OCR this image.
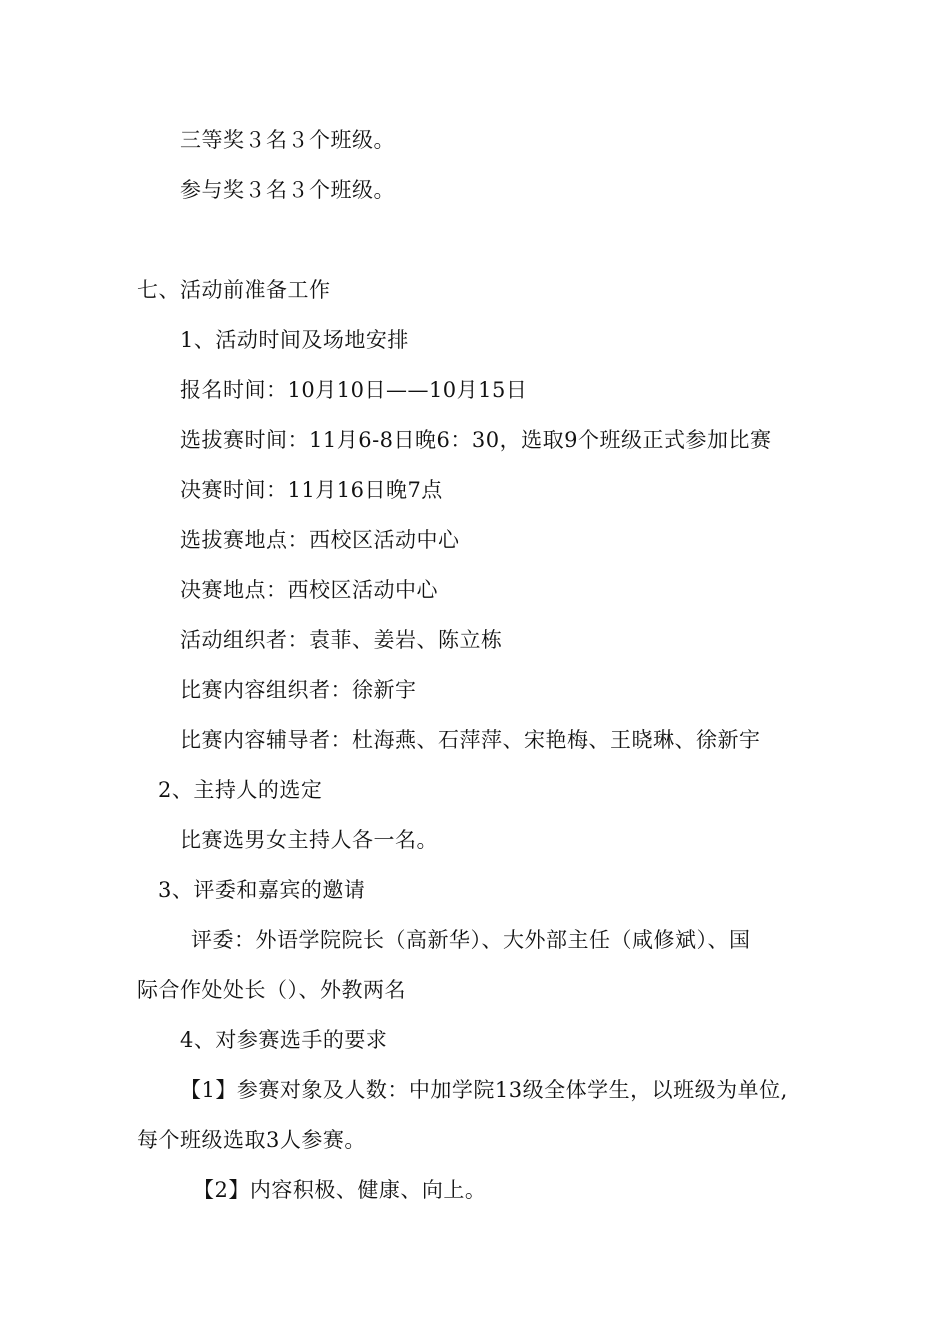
三等奖３名３个班级。
参与奖３名３个班级。
七、活动前准备工作
1、活动时间及场地安排
报名时间：10月10日——10月15日
选拔赛时间：11月6-8日晚6：30，选取9个班级正式参加比赛
决赛时间：11月16日晚7点
选拔赛地点：西校区活动中心
决赛地点：西校区活动中心
活动组织者：袁菲、姜岩、陈立栋
比赛内容组织者：徐新宇
比赛内容辅导者：杜海燕、石萍萍、宋艳梅、王晓琳、徐新宇
2、主持人的选定
比赛选男女主持人各一名。
3、评委和嘉宾的邀请
评委：外语学院院长（高新华）、大外部主任（咸修斌）、国
际合作处处长（）、外教两名
4、对参赛选手的要求
【1】参赛对象及人数：中加学院13级全体学生，以班级为单位,
每个班级选取3人参赛。
【2】内容积极、健康、向上。
